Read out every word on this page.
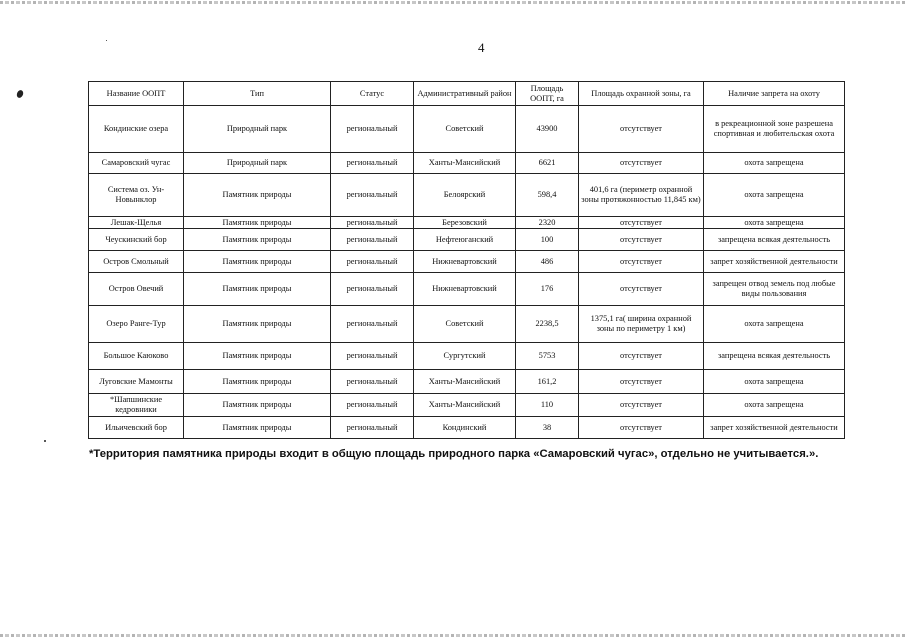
4
Название ООПТ	Тип	Статус	Административный район	Площадь ООПТ, га	Площадь охранной зоны, га	Наличие запрета на охоту
Кондинские озера	Природный парк	региональный	Советский	43900	отсутствует	в рекреационной зоне разрешена спортивная и любительская охота
Самаровский чугас	Природный парк	региональный	Ханты-Мансийский	6621	отсутствует	охота запрещена
Система оз. Ун-Новынклор	Памятник природы	региональный	Белоярский	598,4	401,6 га (периметр охранной зоны протяжонностью 11,845 км)	охота запрещена
Лешак-Щелья	Памятник природы	региональный	Березовский	2320	отсутствует	охота запрещена
Чеускинский бор	Памятник природы	региональный	Нефтеюганский	100	отсутствует	запрещена всякая деятельность
Остров Смольный	Памятник природы	региональный	Нижневартовский	486	отсутствует	запрет хозяйственной деятельности
Остров Овечий	Памятник природы	региональный	Нижневартовский	176	отсутствует	запрещен отвод земель под любые виды пользования
Озеро Ранге-Тур	Памятник природы	региональный	Советский	2238,5	1375,1 га( ширина охранной зоны по периметру 1 км)	охота запрещена
Большое Каюково	Памятник природы	региональный	Сургутский	5753	отсутствует	запрещена всякая деятельность
Луговские Мамонты	Памятник природы	региональный	Ханты-Мансийский	161,2	отсутствует	охота запрещена
*Шапшинские кедровники	Памятник природы	региональный	Ханты-Мансийский	110	отсутствует	охота запрещена
Ильичевский бор	Памятник природы	региональный	Кондинский	38	отсутствует	запрет хозяйственной деятельности
*Территория памятника природы входит в общую площадь природного парка «Самаровский чугас», отдельно не учитывается.».
